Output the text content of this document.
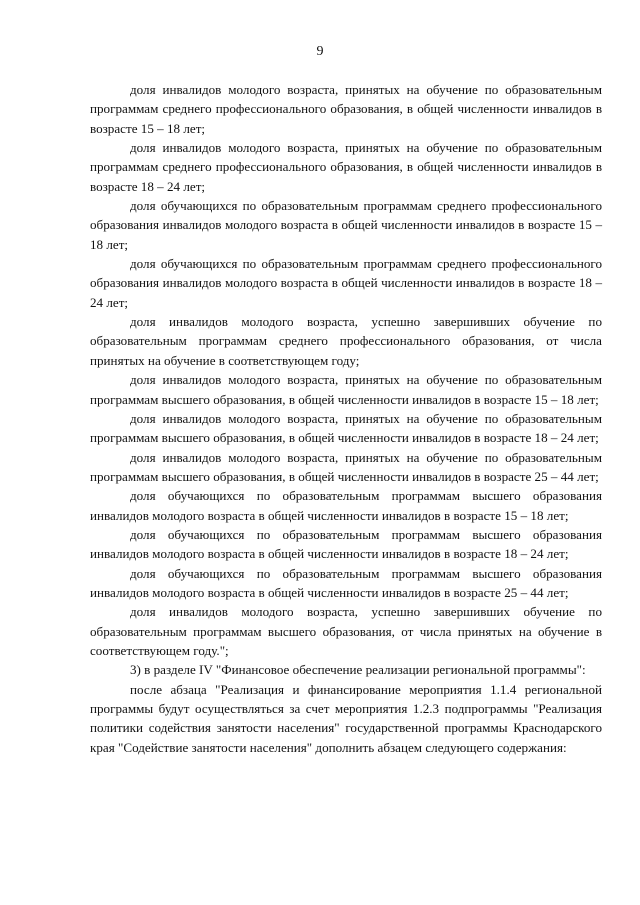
9

доля инвалидов молодого возраста, принятых на обучение по образовательным программам среднего профессионального образования, в общей численности инвалидов в возрасте 15 – 18 лет;

доля инвалидов молодого возраста, принятых на обучение по образовательным программам среднего профессионального образования, в общей численности инвалидов в возрасте 18 – 24 лет;

доля обучающихся по образовательным программам среднего профессионального образования инвалидов молодого возраста в общей численности инвалидов в возрасте 15 – 18 лет;

доля обучающихся по образовательным программам среднего профессионального образования инвалидов молодого возраста в общей численности инвалидов в возрасте 18 – 24 лет;

доля инвалидов молодого возраста, успешно завершивших обучение по образовательным программам среднего профессионального образования, от числа принятых на обучение в соответствующем году;

доля инвалидов молодого возраста, принятых на обучение по образовательным программам высшего образования, в общей численности инвалидов в возрасте 15 – 18 лет;

доля инвалидов молодого возраста, принятых на обучение по образовательным программам высшего образования, в общей численности инвалидов в возрасте 18 – 24 лет;

доля инвалидов молодого возраста, принятых на обучение по образовательным программам высшего образования, в общей численности инвалидов в возрасте 25 – 44 лет;

доля обучающихся по образовательным программам высшего образования инвалидов молодого возраста в общей численности инвалидов в возрасте 15 – 18 лет;

доля обучающихся по образовательным программам высшего образования инвалидов молодого возраста в общей численности инвалидов в возрасте 18 – 24 лет;

доля обучающихся по образовательным программам высшего образования инвалидов молодого возраста в общей численности инвалидов в возрасте 25 – 44 лет;

доля инвалидов молодого возраста, успешно завершивших обучение по образовательным программам высшего образования, от числа принятых на обучение в соответствующем году.";

3) в разделе IV "Финансовое обеспечение реализации региональной программы":

после абзаца "Реализация и финансирование мероприятия 1.1.4 региональной программы будут осуществляться за счет мероприятия 1.2.3 подпрограммы "Реализация политики содействия занятости населения" государственной программы Краснодарского края "Содействие занятости населения" дополнить абзацем следующего содержания:
